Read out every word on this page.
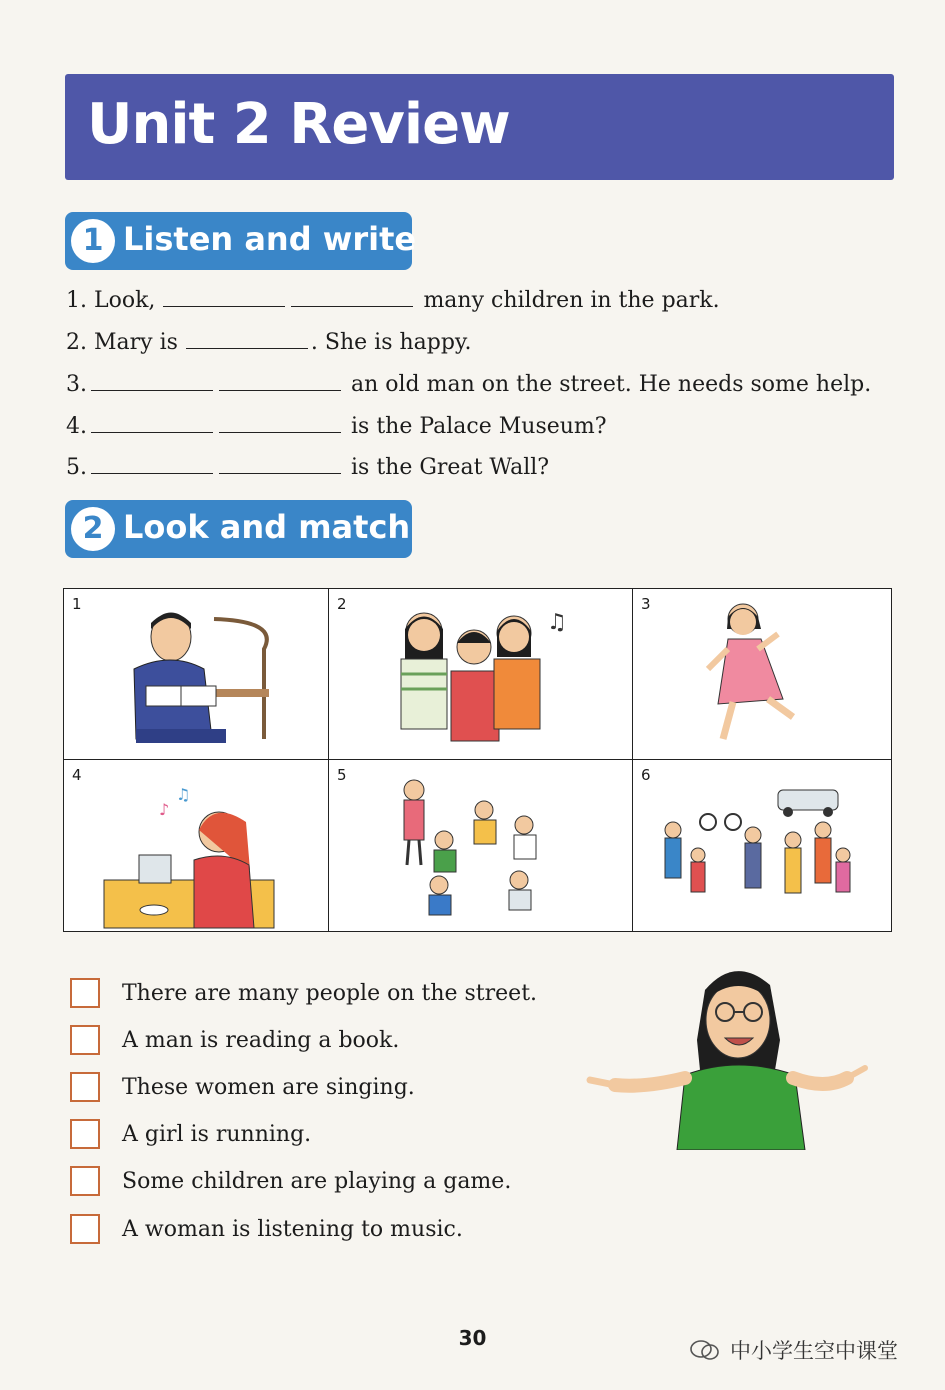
Unit 2 Review
1 Listen and write
1.
Look,
	many children in the park.
2.
Mary is	. She is happy.
3.
	an old man on the street. He needs some help.
4.
	is the Palace Museum?
5.
	is the Great Wall?
2 Look and match
1
♫
2	3
♪
♫
4	5	6
There are many people on the street.
A man is reading a book.
These women are singing.
A girl is running.
Some children are playing a game.
A woman is listening to music.
30
中小学生空中课堂
